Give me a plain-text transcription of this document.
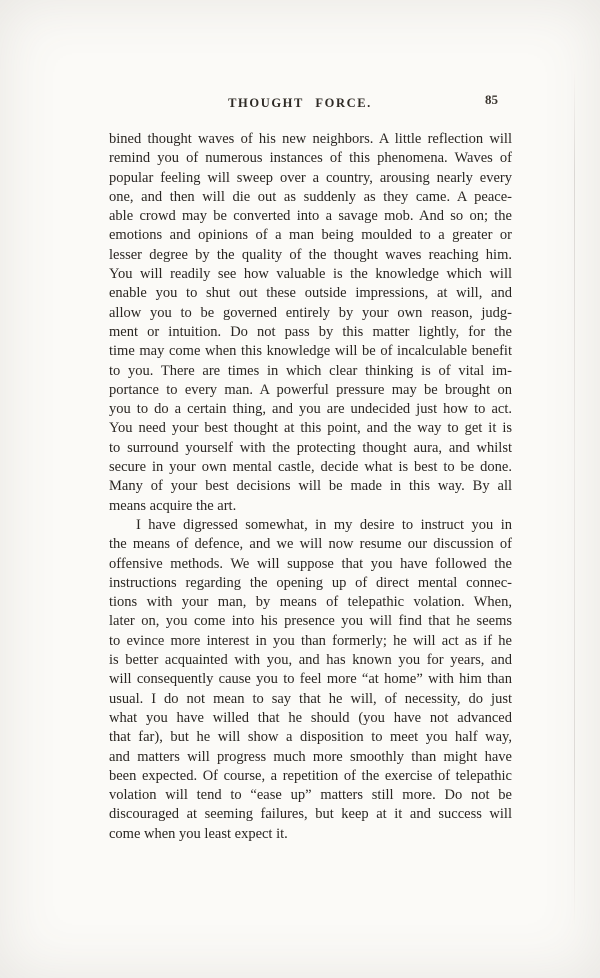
THOUGHT FORCE.	85
bined thought waves of his new neighbors. A little reflection will
remind you of numerous instances of this phenomena. Waves of
popular feeling will sweep over a country, arousing nearly every
one, and then will die out as suddenly as they came. A peace-
able crowd may be converted into a savage mob. And so on; the
emotions and opinions of a man being moulded to a greater or
lesser degree by the quality of the thought waves reaching him.
You will readily see how valuable is the knowledge which will
enable you to shut out these outside impressions, at will, and
allow you to be governed entirely by your own reason, judg-
ment or intuition. Do not pass by this matter lightly, for the
time may come when this knowledge will be of incalculable benefit
to you. There are times in which clear thinking is of vital im-
portance to every man. A powerful pressure may be brought on
you to do a certain thing, and you are undecided just how to act.
You need your best thought at this point, and the way to get it is
to surround yourself with the protecting thought aura, and whilst
secure in your own mental castle, decide what is best to be done.
Many of your best decisions will be made in this way. By all
means acquire the art.
I have digressed somewhat, in my desire to instruct you in
the means of defence, and we will now resume our discussion of
offensive methods. We will suppose that you have followed the
instructions regarding the opening up of direct mental connec-
tions with your man, by means of telepathic volation. When,
later on, you come into his presence you will find that he seems
to evince more interest in you than formerly; he will act as if he
is better acquainted with you, and has known you for years, and
will consequently cause you to feel more “at home” with him than
usual. I do not mean to say that he will, of necessity, do just
what you have willed that he should (you have not advanced
that far), but he will show a disposition to meet you half way,
and matters will progress much more smoothly than might have
been expected. Of course, a repetition of the exercise of telepathic
volation will tend to “ease up” matters still more. Do not be
discouraged at seeming failures, but keep at it and success will
come when you least expect it.
